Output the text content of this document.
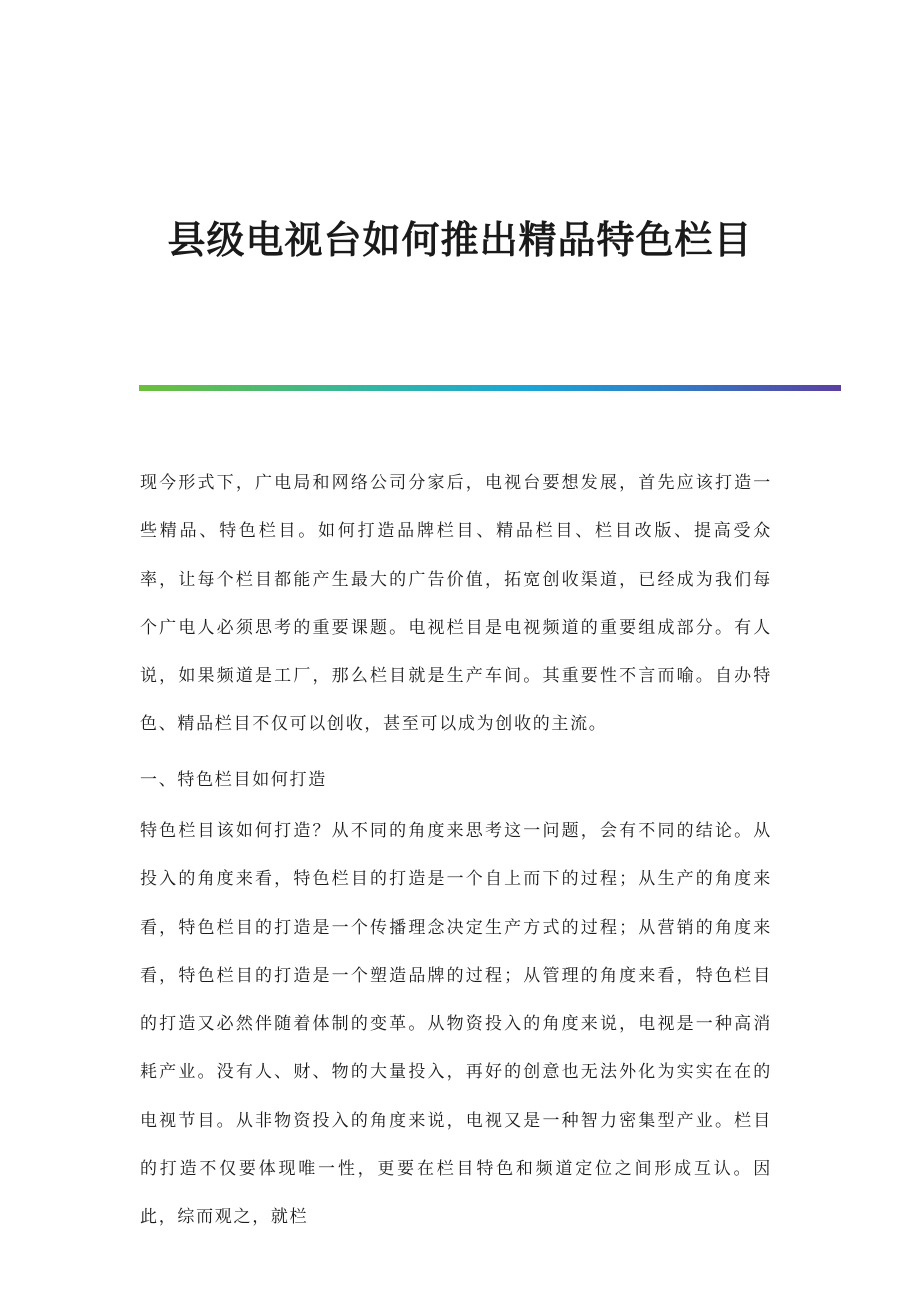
县级电视台如何推出精品特色栏目

现今形式下，广电局和网络公司分家后，电视台要想发展，首先应该打造一些精品、特色栏目。如何打造品牌栏目、精品栏目、栏目改版、提高受众率，让每个栏目都能产生最大的广告价值，拓宽创收渠道，已经成为我们每个广电人必须思考的重要课题。电视栏目是电视频道的重要组成部分。有人说，如果频道是工厂，那么栏目就是生产车间。其重要性不言而喻。自办特色、精品栏目不仅可以创收，甚至可以成为创收的主流。

一、特色栏目如何打造

特色栏目该如何打造？从不同的角度来思考这一问题，会有不同的结论。从投入的角度来看，特色栏目的打造是一个自上而下的过程；从生产的角度来看，特色栏目的打造是一个传播理念决定生产方式的过程；从营销的角度来看，特色栏目的打造是一个塑造品牌的过程；从管理的角度来看，特色栏目的打造又必然伴随着体制的变革。从物资投入的角度来说，电视是一种高消耗产业。没有人、财、物的大量投入，再好的创意也无法外化为实实在在的电视节目。从非物资投入的角度来说，电视又是一种智力密集型产业。栏目的打造不仅要体现唯一性，更要在栏目特色和频道定位之间形成互认。因此，综而观之，就栏
